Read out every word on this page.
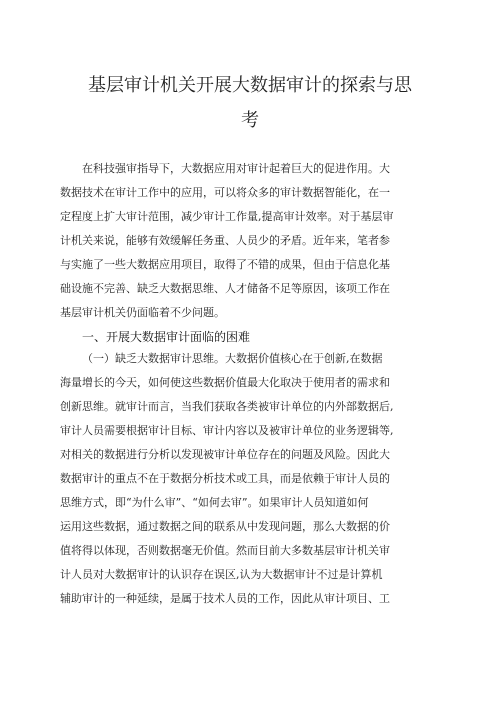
基层审计机关开展大数据审计的探索与思
考
在科技强审指导下，大数据应用对审计起着巨大的促进作用。大
数据技术在审计工作中的应用，可以将众多的审计数据智能化，在一
定程度上扩大审计范围，减少审计工作量,提高审计效率。对于基层审
计机关来说，能够有效缓解任务重、人员少的矛盾。近年来，笔者参
与实施了一些大数据应用项目，取得了不错的成果，但由于信息化基
础设施不完善、缺乏大数据思维、人才储备不足等原因，该项工作在
基层审计机关仍面临着不少问题。
一、开展大数据审计面临的困难
（一）缺乏大数据审计思维。大数据价值核心在于创新,在数据
海量增长的今天，如何使这些数据价值最大化取决于使用者的需求和
创新思维。就审计而言，当我们获取各类被审计单位的内外部数据后,
审计人员需要根据审计目标、审计内容以及被审计单位的业务逻辑等,
对相关的数据进行分析以发现被审计单位存在的问题及风险。因此大
数据审计的重点不在于数据分析技术或工具，而是依赖于审计人员的
思维方式，即“为什么审”、“如何去审”。如果审计人员知道如何
运用这些数据，通过数据之间的联系从中发现问题，那么大数据的价
值将得以体现，否则数据毫无价值。然而目前大多数基层审计机关审
计人员对大数据审计的认识存在误区,认为大数据审计不过是计算机
辅助审计的一种延续，是属于技术人员的工作，因此从审计项目、工
